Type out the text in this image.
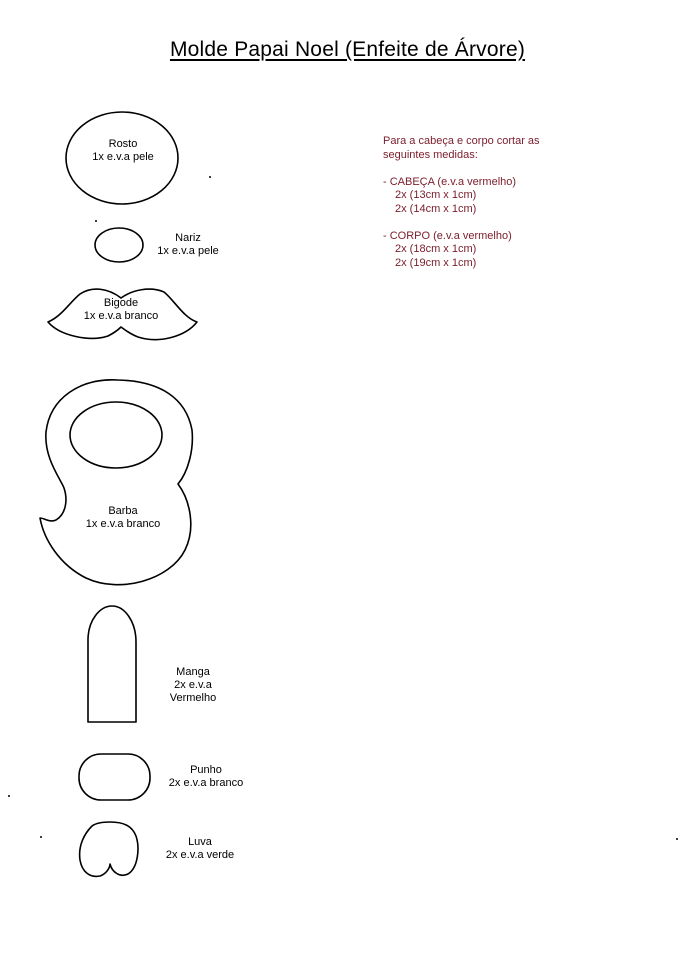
Molde Papai Noel (Enfeite de Árvore)
Rosto
1x e.v.a pele
Nariz
1x e.v.a pele
Bigode
1x e.v.a branco
Barba
1x e.v.a branco
Manga
2x e.v.a
Vermelho
Punho
2x e.v.a branco
Luva
2x e.v.a verde
Para a cabeça e corpo cortar as
seguintes medidas:
- CABEÇA (e.v.a vermelho)
2x (13cm x 1cm)
2x (14cm x 1cm)
- CORPO (e.v.a vermelho)
2x (18cm x 1cm)
2x (19cm x 1cm)
